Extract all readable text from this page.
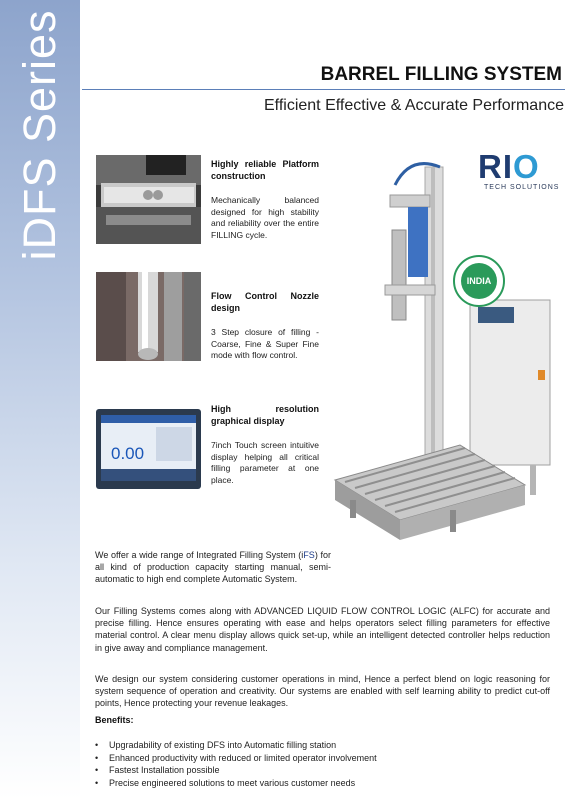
iDFS Series	BARREL FILLING SYSTEM
Efficient Effective & Accurate Performance
Highly reliable Platform construction
Mechanically balanced designed for high stability and reliability over the entire FILLING cycle.
Flow Control Nozzle design
3 Step closure of filling - Coarse, Fine & Super Fine mode with flow control.
0.00
High resolution graphical display
7inch Touch screen intuitive display helping all critical filling parameter at one place.
RIO
TECH SOLUTIONS
INDIA
We offer a wide range of Integrated Filling System (iFS) for all kind of production capacity starting manual, semi-automatic to high end complete Automatic System.
Our Filling Systems comes along with ADVANCED LIQUID FLOW CONTROL LOGIC (ALFC) for accurate and precise filling. Hence ensures operating with ease and helps operators select filling parameters for effective material control. A clear menu display allows quick set-up, while an intelligent detected controller helps reduction in give away and compliance management.
We design our system considering customer operations in mind, Hence a perfect blend on logic reasoning for system sequence of operation and creativity. Our systems are enabled with self learning ability to predict cut-off points, Hence protecting your revenue leakages.
Benefits:
• Upgradability of existing DFS into Automatic filling station
• Enhanced productivity with reduced or limited operator involvement
• Fastest Installation possible
• Precise engineered solutions to meet various customer needs
